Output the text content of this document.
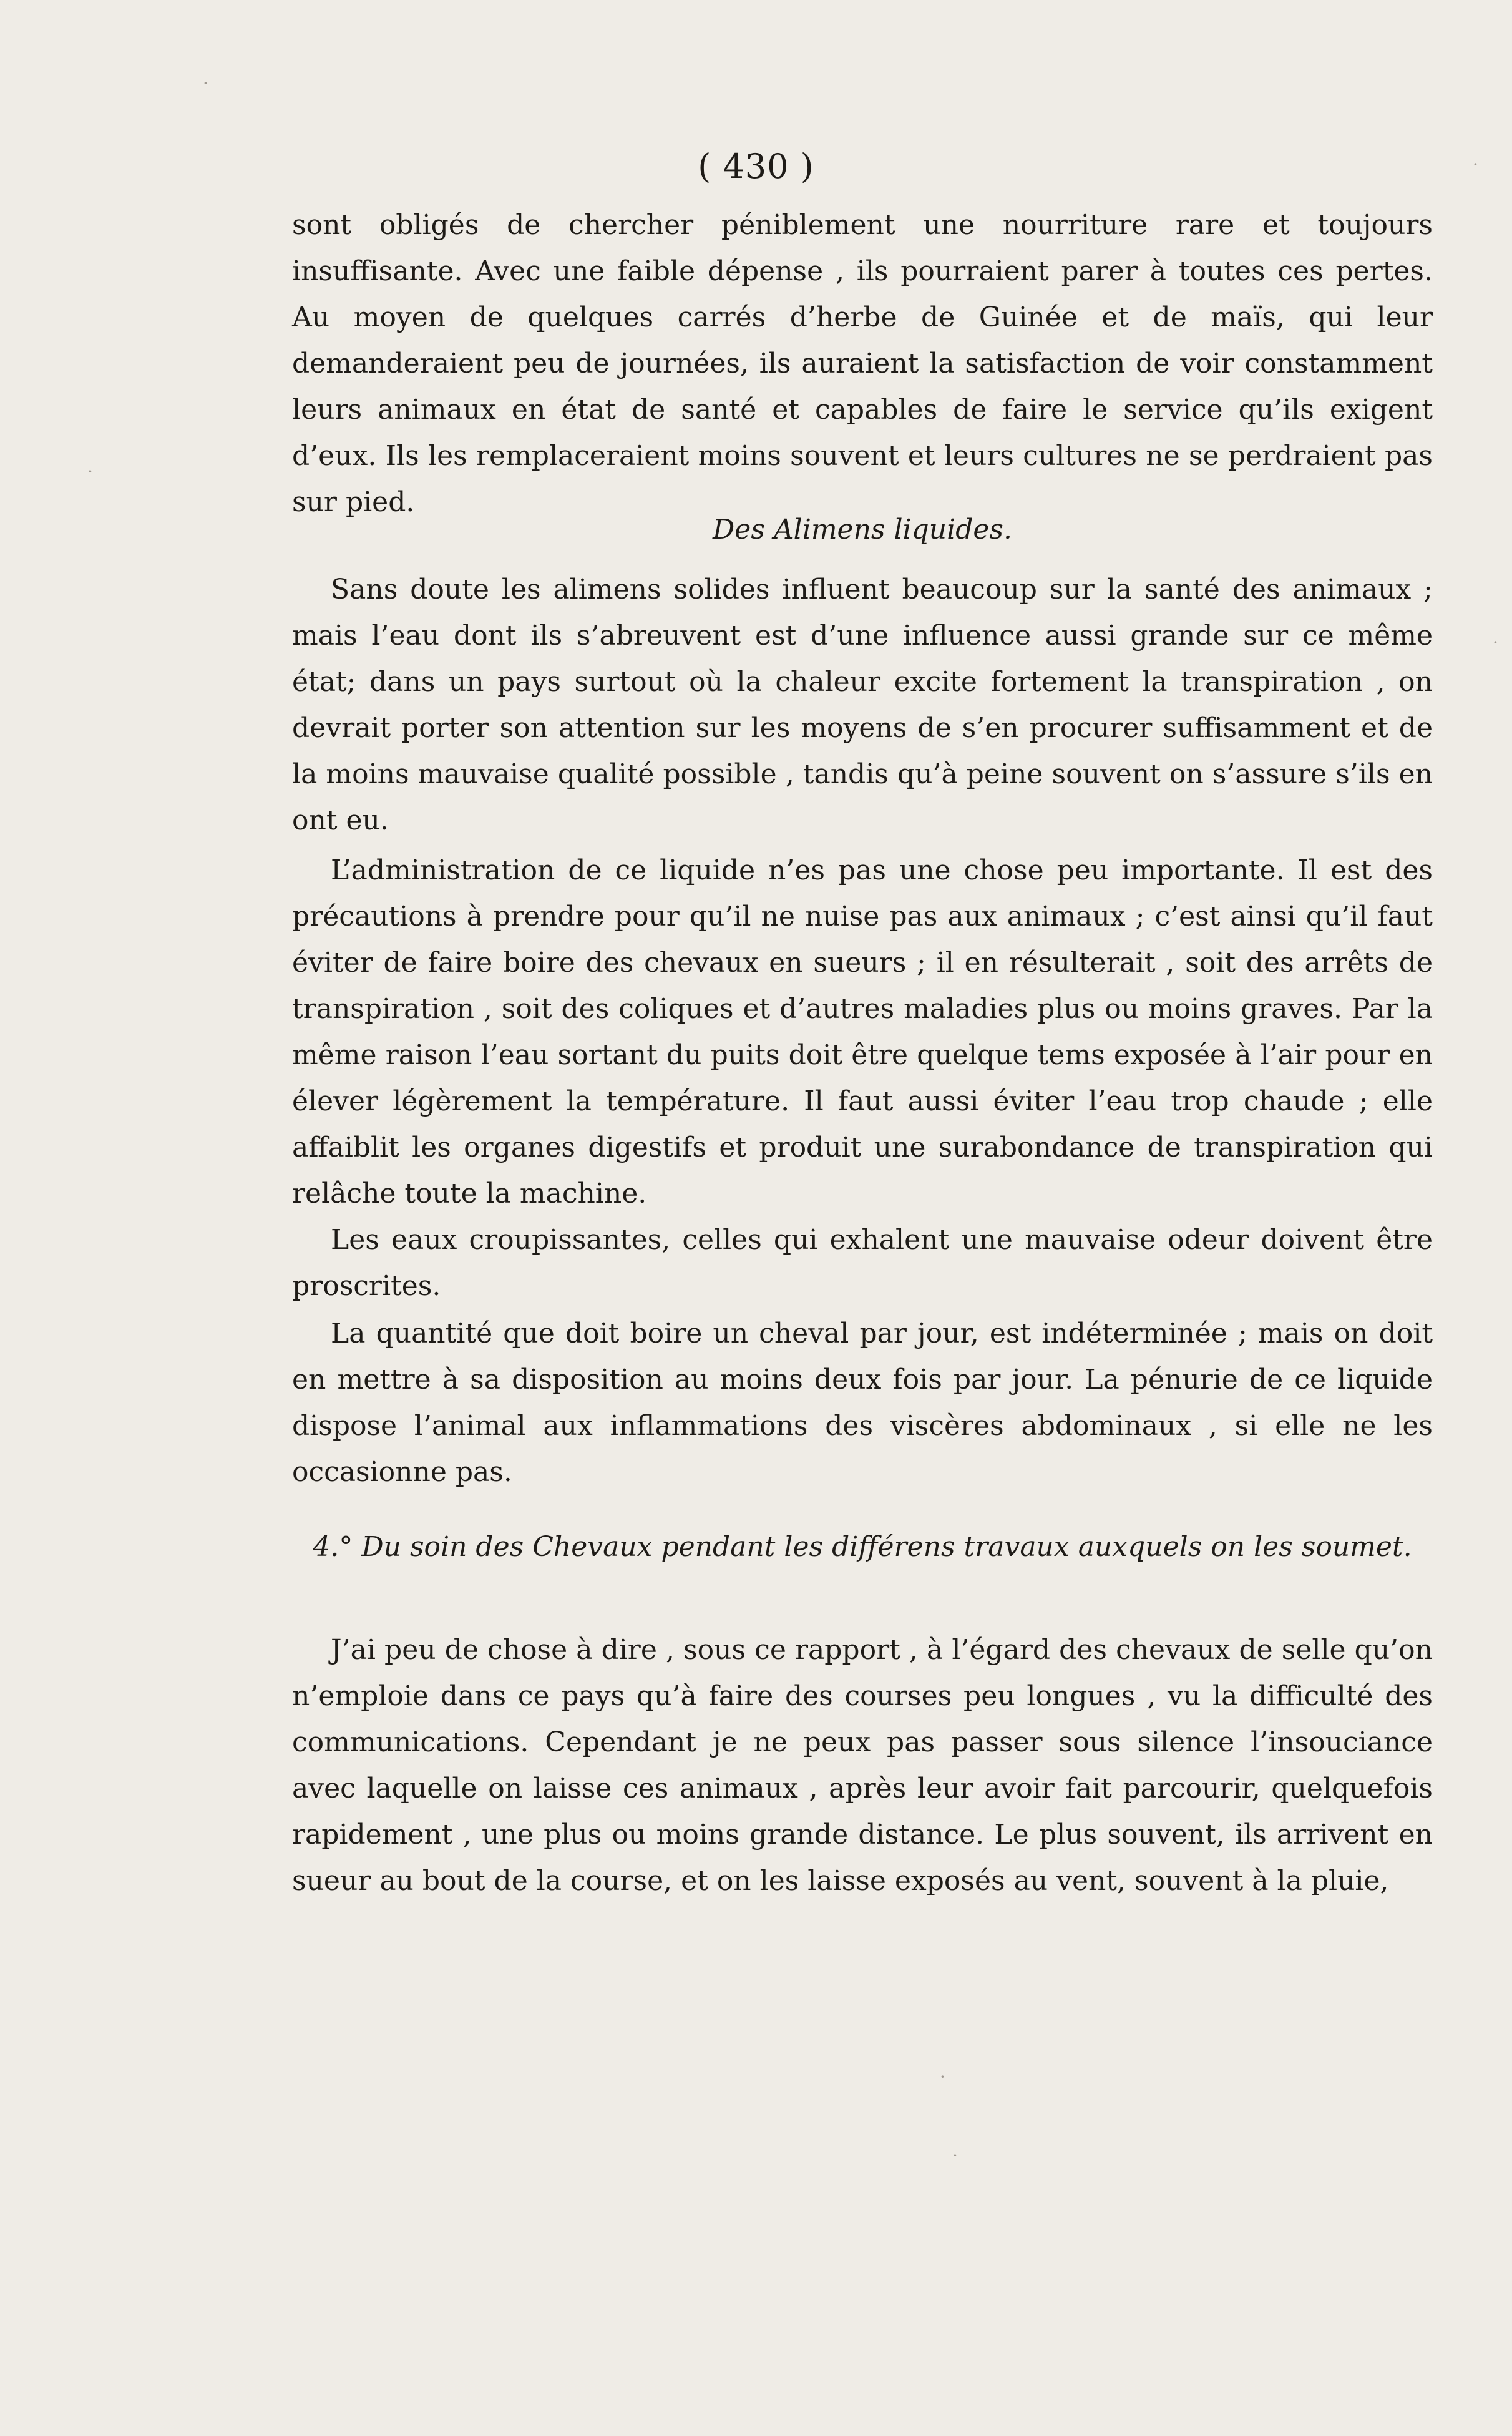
( 430 )

sont obligés de chercher péniblement une nourriture rare et toujours insuffisante. Avec une faible dépense , ils pourraient parer à toutes ces pertes. Au moyen de quelques carrés d’herbe de Guinée et de maïs, qui leur demanderaient peu de journées, ils auraient la satisfaction de voir constamment leurs animaux en état de santé et capables de faire le service qu’ils exigent d’eux. Ils les remplaceraient moins souvent et leurs cultures ne se perdraient pas sur pied.

Des Alimens liquides.

Sans doute les alimens solides influent beaucoup sur la santé des animaux ; mais l’eau dont ils s’abreuvent est d’une influence aussi grande sur ce même état; dans un pays surtout où la chaleur excite fortement la transpiration , on devrait porter son attention sur les moyens de s’en procurer suffisamment et de la moins mauvaise qualité possible , tandis qu’à peine souvent on s’assure s’ils en ont eu.

L’administration de ce liquide n’es pas une chose peu importante. Il est des précautions à prendre pour qu’il ne nuise pas aux animaux ; c’est ainsi qu’il faut éviter de faire boire des chevaux en sueurs ; il en résulterait , soit des arrêts de transpiration , soit des coliques et d’autres maladies plus ou moins graves. Par la même raison l’eau sortant du puits doit être quelque tems exposée à l’air pour en élever légèrement la température. Il faut aussi éviter l’eau trop chaude ; elle affaiblit les organes digestifs et produit une surabondance de transpiration qui relâche toute la machine.

Les eaux croupissantes, celles qui exhalent une mauvaise odeur doivent être proscrites.

La quantité que doit boire un cheval par jour, est indéterminée ; mais on doit en mettre à sa disposition au moins deux fois par jour. La pénurie de ce liquide dispose l’animal aux inflammations des viscères abdominaux , si elle ne les occasionne pas.

4.° Du soin des Chevaux pendant les différens travaux auxquels on les soumet.

J’ai peu de chose à dire , sous ce rapport , à l’égard des chevaux de selle qu’on n’emploie dans ce pays qu’à faire des courses peu longues , vu la difficulté des communications. Cependant je ne peux pas passer sous silence l’insouciance avec laquelle on laisse ces animaux , après leur avoir fait parcourir, quelquefois rapidement , une plus ou moins grande distance. Le plus souvent, ils arrivent en sueur au bout de la course, et on les laisse exposés au vent, souvent à la pluie,

·
·
·
·
·
·
